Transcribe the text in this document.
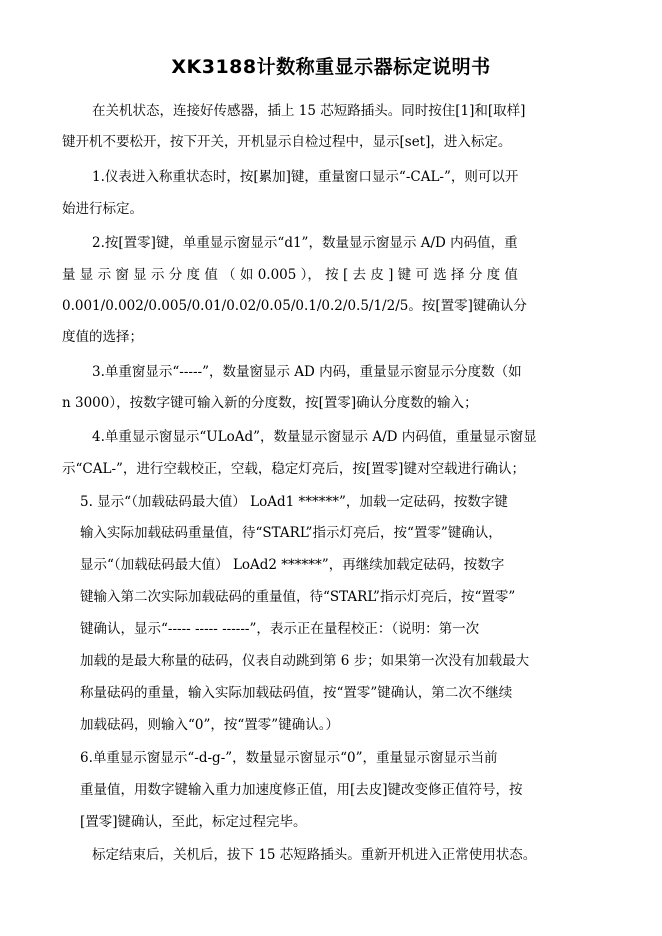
XK3188计数称重显示器标定说明书
在关机状态，连接好传感器，插上 15 芯短路插头。同时按住[1]和[取样]
键开机不要松开，按下开关，开机显示自检过程中，显示[set]，进入标定。
1.仪表进入称重状态时，按[累加]键，重量窗口显示“-CAL-”，则可以开
始进行标定。
2.按[置零]键，单重显示窗显示“d1”，数量显示窗显示 A/D 内码值，重
量 显 示 窗 显 示 分 度 值 （ 如 0.005 ）， 按 [ 去 皮 ] 键 可 选 择 分 度 值
0.001/0.002/0.005/0.01/0.02/0.05/0.1/0.2/0.5/1/2/5。按[置零]键确认分
度值的选择；
3.单重窗显示“-----”，数量窗显示 AD 内码，重量显示窗显示分度数（如
n 3000），按数字键可输入新的分度数，按[置零]确认分度数的输入；
4.单重显示窗显示“ULoAd”，数量显示窗显示 A/D 内码值，重量显示窗显
示“CAL-”，进行空载校正，空载，稳定灯亮后，按[置零]键对空载进行确认；
5. 显示“（加载砝码最大值） LoAd1 ******”，加载一定砝码，按数字键
输入实际加载砝码重量值，待“STARL”指示灯亮后，按“置零”键确认，
显示“（加载砝码最大值） LoAd2 ******”，再继续加载定砝码，按数字
键输入第二次实际加载砝码的重量值，待“STARL”指示灯亮后，按“置零”
键确认，显示“----- ----- ------”，表示正在量程校正：（说明：第一次
加载的是最大称量的砝码，仪表自动跳到第 6 步；如果第一次没有加载最大
称量砝码的重量，输入实际加载砝码值，按“置零”键确认，第二次不继续
加载砝码，则输入“0”，按“置零”键确认。）
6.单重显示窗显示“-d-g-”，数量显示窗显示“0”，重量显示窗显示当前
重量值，用数字键输入重力加速度修正值，用[去皮]键改变修正值符号，按
[置零]键确认，至此，标定过程完毕。
标定结束后，关机后，拔下 15 芯短路插头。重新开机进入正常使用状态。
